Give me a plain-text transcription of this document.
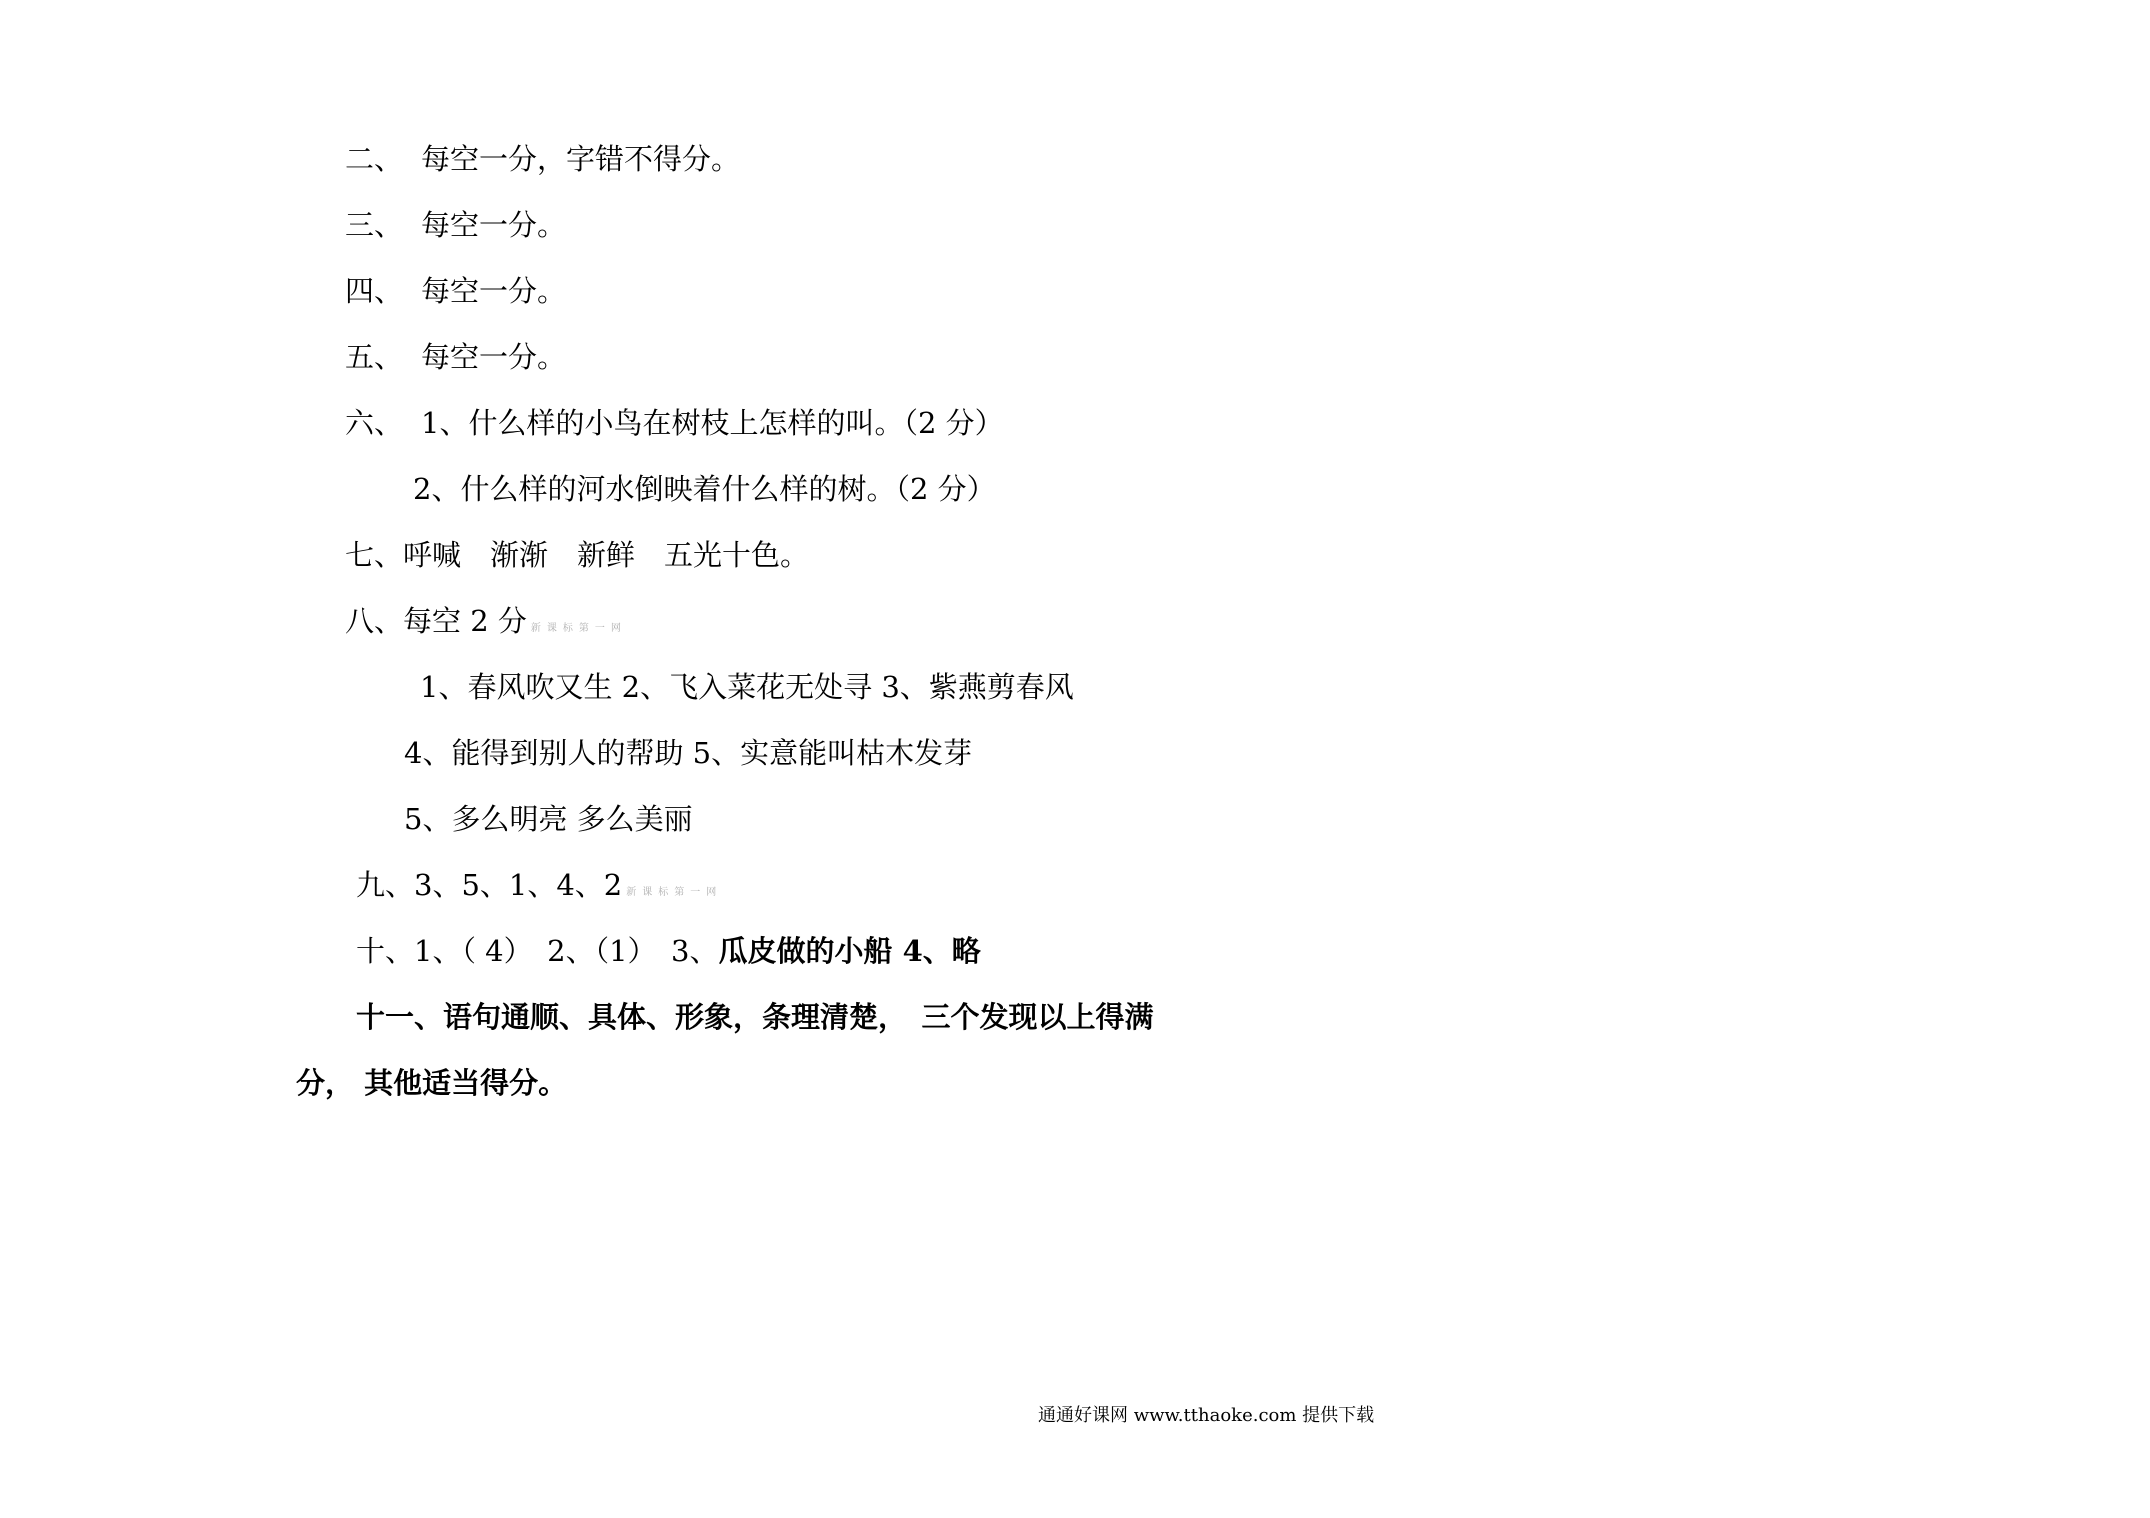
二、 每空一分，字错不得分。
三、 每空一分。
四、 每空一分。
五、 每空一分。
六、 1、什么样的小鸟在树枝上怎样的叫。（2 分）
2、什么样的河水倒映着什么样的树。（2 分）
七、呼喊　渐渐　新鲜　五光十色。
八、每空 2 分 新课标第一网
1、春风吹又生 2、飞入菜花无处寻 3、紫燕剪春风
4、能得到别人的帮助 5、实意能叫枯木发芽
5、多么明亮 多么美丽
九、3、5、1、4、2 新课标第一网
十、1、（ 4）　2、（1）　3、瓜皮做的小船 4、略
十一、语句通顺、具体、形象，条理清楚，　三个发现以上得满
分， 其他适当得分。
通通好课网 www.tthaoke.com 提供下载
